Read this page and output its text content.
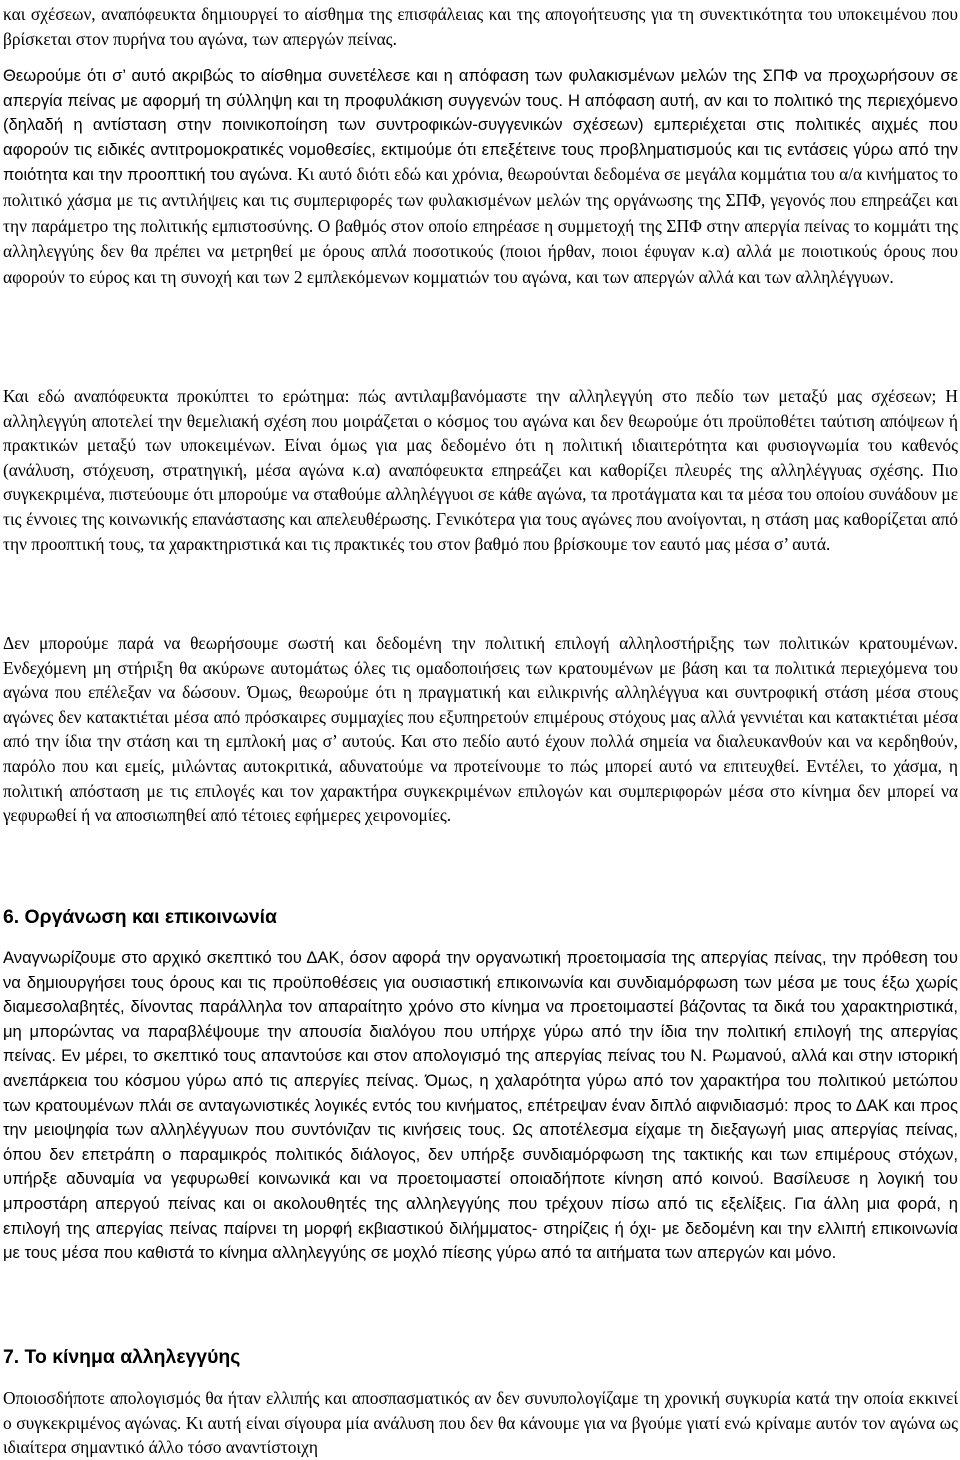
και σχέσεων, αναπόφευκτα δημιουργεί το αίσθημα της επισφάλειας και της απογοήτευσης για τη συνεκτικότητα του υποκειμένου που βρίσκεται στον πυρήνα του αγώνα, των απεργών πείνας.

Θεωρούμε ότι σ’ αυτό ακριβώς το αίσθημα συνετέλεσε και η απόφαση των φυλακισμένων μελών της ΣΠΦ να προχωρήσουν σε απεργία πείνας με αφορμή τη σύλληψη και τη προφυλάκιση συγγενών τους. Η απόφαση αυτή, αν και το πολιτικό της περιεχόμενο (δηλαδή η αντίσταση στην ποινικοποίηση των συντροφικών-συγγενικών σχέσεων) εμπεριέχεται στις πολιτικές αιχμές που αφορούν τις ειδικές αντιτρομοκρατικές νομοθεσίες, εκτιμούμε ότι επεξέτεινε τους προβληματισμούς και τις εντάσεις γύρω από την ποιότητα και την προοπτική του αγώνα. Κι αυτό διότι εδώ και χρόνια, θεωρούνται δεδομένα σε μεγάλα κομμάτια του α/α κινήματος το πολιτικό χάσμα με τις αντιλήψεις και τις συμπεριφορές των φυλακισμένων μελών της οργάνωσης της ΣΠΦ, γεγονός που επηρεάζει και την παράμετρο της πολιτικής εμπιστοσύνης. Ο βαθμός στον οποίο επηρέασε η συμμετοχή της ΣΠΦ στην απεργία πείνας το κομμάτι της αλληλεγγύης δεν θα πρέπει να μετρηθεί με όρους απλά ποσοτικούς (ποιοι ήρθαν, ποιοι έφυγαν κ.α) αλλά με ποιοτικούς όρους που αφορούν το εύρος και τη συνοχή και των 2 εμπλεκόμενων κομματιών του αγώνα, και των απεργών αλλά και των αλληλέγγυων.

Και εδώ αναπόφευκτα προκύπτει το ερώτημα: πώς αντιλαμβανόμαστε την αλληλεγγύη στο πεδίο των μεταξύ μας σχέσεων; Η αλληλεγγύη αποτελεί την θεμελιακή σχέση που μοιράζεται ο κόσμος του αγώνα και δεν θεωρούμε ότι προϋποθέτει ταύτιση απόψεων ή πρακτικών μεταξύ των υποκειμένων. Είναι όμως για μας δεδομένο ότι η πολιτική ιδιαιτερότητα και φυσιογνωμία του καθενός (ανάλυση, στόχευση, στρατηγική, μέσα αγώνα κ.α) αναπόφευκτα επηρεάζει και καθορίζει πλευρές της αλληλέγγυας σχέσης. Πιο συγκεκριμένα, πιστεύουμε ότι μπορούμε να σταθούμε αλληλέγγυοι σε κάθε αγώνα, τα προτάγματα και τα μέσα του οποίου συνάδουν με τις έννοιες της κοινωνικής επανάστασης και απελευθέρωσης. Γενικότερα για τους αγώνες που ανοίγονται, η στάση μας καθορίζεται από την προοπτική τους, τα χαρακτηριστικά και τις πρακτικές του στον βαθμό που βρίσκουμε τον εαυτό μας μέσα σ’ αυτά.

Δεν μπορούμε παρά να θεωρήσουμε σωστή και δεδομένη την πολιτική επιλογή αλληλοστήριξης των πολιτικών κρατουμένων. Ενδεχόμενη μη στήριξη θα ακύρωνε αυτομάτως όλες τις ομαδοποιήσεις των κρατουμένων με βάση και τα πολιτικά περιεχόμενα του αγώνα που επέλεξαν να δώσουν. Όμως, θεωρούμε ότι η πραγματική και ειλικρινής αλληλέγγυα και συντροφική στάση μέσα στους αγώνες δεν κατακτιέται μέσα από πρόσκαιρες συμμαχίες που εξυπηρετούν επιμέρους στόχους μας αλλά γεννιέται και κατακτιέται μέσα από την ίδια την στάση και τη εμπλοκή μας σ’ αυτούς. Και στο πεδίο αυτό έχουν πολλά σημεία να διαλευκανθούν και να κερδηθούν, παρόλο που και εμείς, μιλώντας αυτοκριτικά, αδυνατούμε να προτείνουμε το πώς μπορεί αυτό να επιτευχθεί. Εντέλει, το χάσμα, η πολιτική απόσταση με τις επιλογές και τον χαρακτήρα συγκεκριμένων επιλογών και συμπεριφορών μέσα στο κίνημα δεν μπορεί να γεφυρωθεί ή να αποσιωπηθεί από τέτοιες εφήμερες χειρονομίες.

6. Οργάνωση και επικοινωνία

Αναγνωρίζουμε στο αρχικό σκεπτικό του ΔΑΚ, όσον αφορά την οργανωτική προετοιμασία της απεργίας πείνας, την πρόθεση του να δημιουργήσει τους όρους και τις προϋποθέσεις για ουσιαστική επικοινωνία και συνδιαμόρφωση των μέσα με τους έξω χωρίς διαμεσολαβητές, δίνοντας παράλληλα τον απαραίτητο χρόνο στο κίνημα να προετοιμαστεί βάζοντας τα δικά του χαρακτηριστικά, μη μπορώντας να παραβλέψουμε την απουσία διαλόγου που υπήρχε γύρω από την ίδια την πολιτική επιλογή της απεργίας πείνας. Εν μέρει, το σκεπτικό τους απαντούσε και στον απολογισμό της απεργίας πείνας του Ν. Ρωμανού, αλλά και στην ιστορική ανεπάρκεια του κόσμου γύρω από τις απεργίες πείνας. Όμως, η χαλαρότητα γύρω από τον χαρακτήρα του πολιτικού μετώπου των κρατουμένων πλάι σε ανταγωνιστικές λογικές εντός του κινήματος, επέτρεψαν έναν διπλό αιφνιδιασμό: προς το ΔΑΚ και προς την μειοψηφία των αλληλέγγυων που συντόνιζαν τις κινήσεις τους. Ως αποτέλεσμα είχαμε τη διεξαγωγή μιας απεργίας πείνας, όπου δεν επετράπη ο παραμικρός πολιτικός διάλογος, δεν υπήρξε συνδιαμόρφωση της τακτικής και των επιμέρους στόχων, υπήρξε αδυναμία να γεφυρωθεί κοινωνικά και να προετοιμαστεί οποιαδήποτε κίνηση από κοινού. Βασίλευσε η λογική του μπροστάρη απεργού πείνας και οι ακολουθητές της αλληλεγγύης που τρέχουν πίσω από τις εξελίξεις. Για άλλη μια φορά, η επιλογή της απεργίας πείνας παίρνει τη μορφή εκβιαστικού διλήμματος- στηρίζεις ή όχι- με δεδομένη και την ελλιπή επικοινωνία με τους μέσα που καθιστά το κίνημα αλληλεγγύης σε μοχλό πίεσης γύρω από τα αιτήματα των απεργών και μόνο.

7. Το κίνημα αλληλεγγύης

Οποιοσδήποτε απολογισμός θα ήταν ελλιπής και αποσπασματικός αν δεν συνυπολογίζαμε τη χρονική συγκυρία κατά την οποία εκκινεί ο συγκεκριμένος αγώνας. Κι αυτή είναι σίγουρα μία ανάλυση που δεν θα κάνουμε για να βγούμε γιατί ενώ κρίναμε αυτόν τον αγώνα ως ιδιαίτερα σημαντικό άλλο τόσο αναντίστοιχη
